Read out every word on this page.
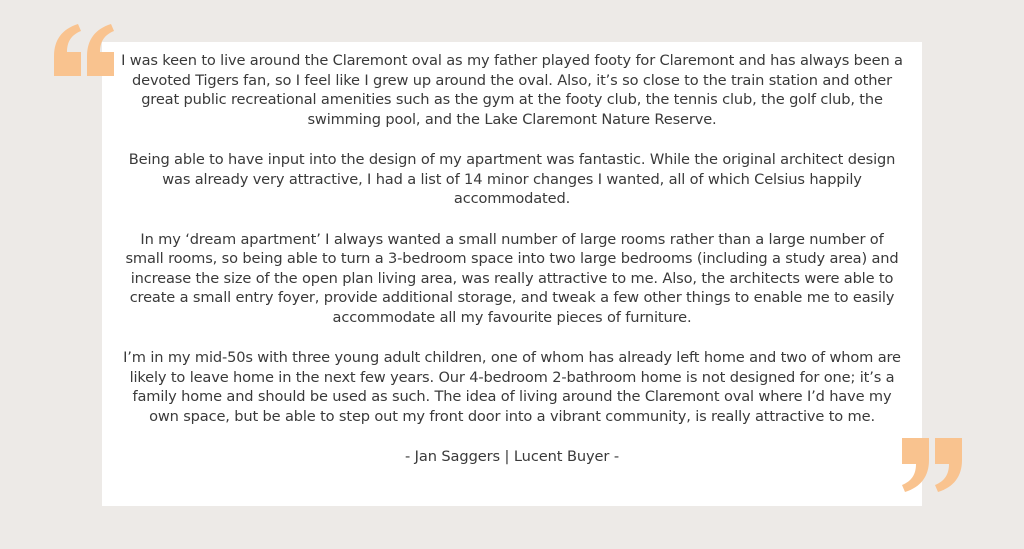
I was keen to live around the Claremont oval as my father played footy for Claremont and has always been a devoted Tigers fan, so I feel like I grew up around the oval. Also, it’s so close to the train station and other great public recreational amenities such as the gym at the footy club, the tennis club, the golf club, the swimming pool, and the Lake Claremont Nature Reserve.

Being able to have input into the design of my apartment was fantastic. While the original architect design was already very attractive, I had a list of 14 minor changes I wanted, all of which Celsius happily accommodated.

In my ‘dream apartment’ I always wanted a small number of large rooms rather than a large number of small rooms, so being able to turn a 3-bedroom space into two large bedrooms (including a study area) and increase the size of the open plan living area, was really attractive to me. Also, the architects were able to create a small entry foyer, provide additional storage, and tweak a few other things to enable me to easily accommodate all my favourite pieces of furniture.

I’m in my mid-50s with three young adult children, one of whom has already left home and two of whom are likely to leave home in the next few years. Our 4-bedroom 2-bathroom home is not designed for one; it’s a family home and should be used as such. The idea of living around the Claremont oval where I’d have my own space, but be able to step out my front door into a vibrant community, is really attractive to me.

- Jan Saggers | Lucent Buyer -
